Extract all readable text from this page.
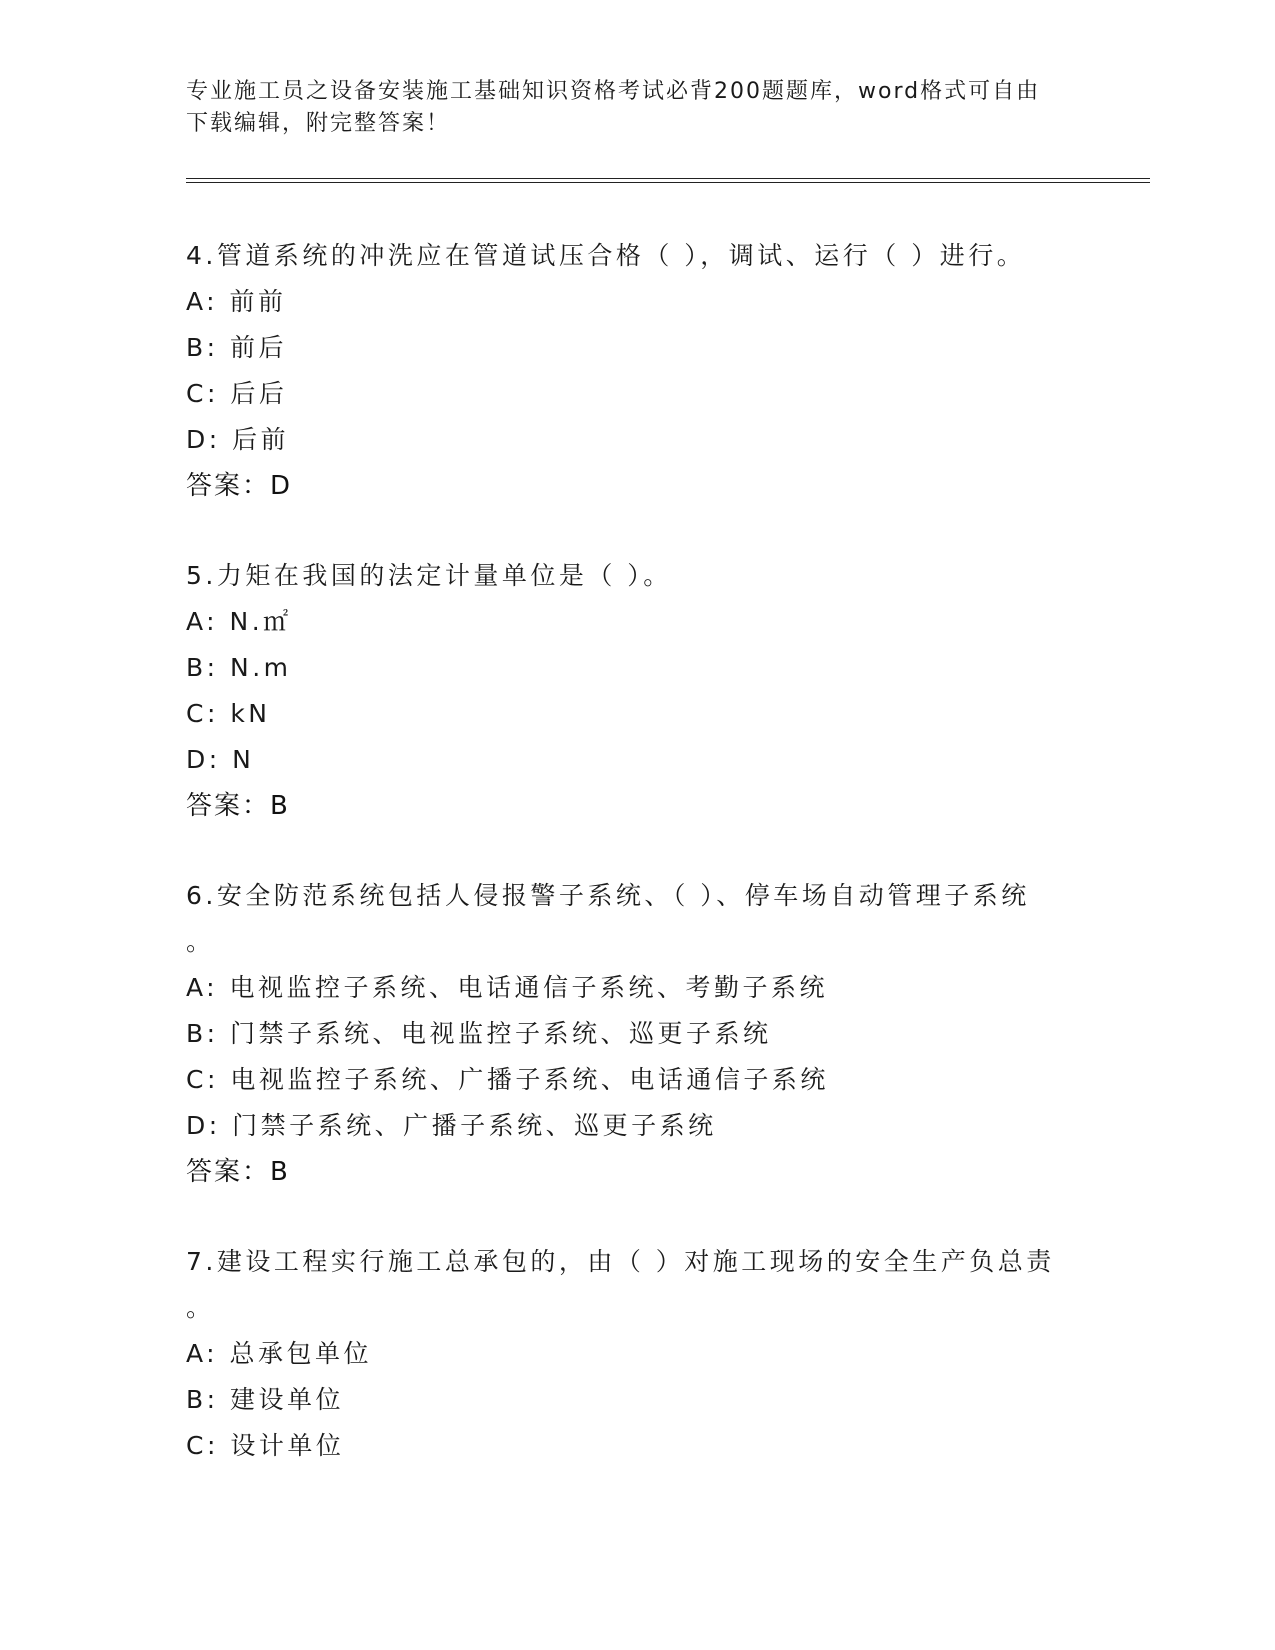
专业施工员之设备安装施工基础知识资格考试必背200题题库，word格式可自由
下载编辑，附完整答案！
4.管道系统的冲洗应在管道试压合格（ ），调试、运行（ ）进行。
A: 前前
B: 前后
C: 后后
D: 后前
答案：D
5.力矩在我国的法定计量单位是（ ）。
A: N.㎡
B: N.m
C: kN
D: N
答案：B
6.安全防范系统包括人侵报警子系统、（ ）、停车场自动管理子系统
。
A: 电视监控子系统、电话通信子系统、考勤子系统
B: 门禁子系统、电视监控子系统、巡更子系统
C: 电视监控子系统、广播子系统、电话通信子系统
D: 门禁子系统、广播子系统、巡更子系统
答案：B
7.建设工程实行施工总承包的，由（ ）对施工现场的安全生产负总责
。
A: 总承包单位
B: 建设单位
C: 设计单位
